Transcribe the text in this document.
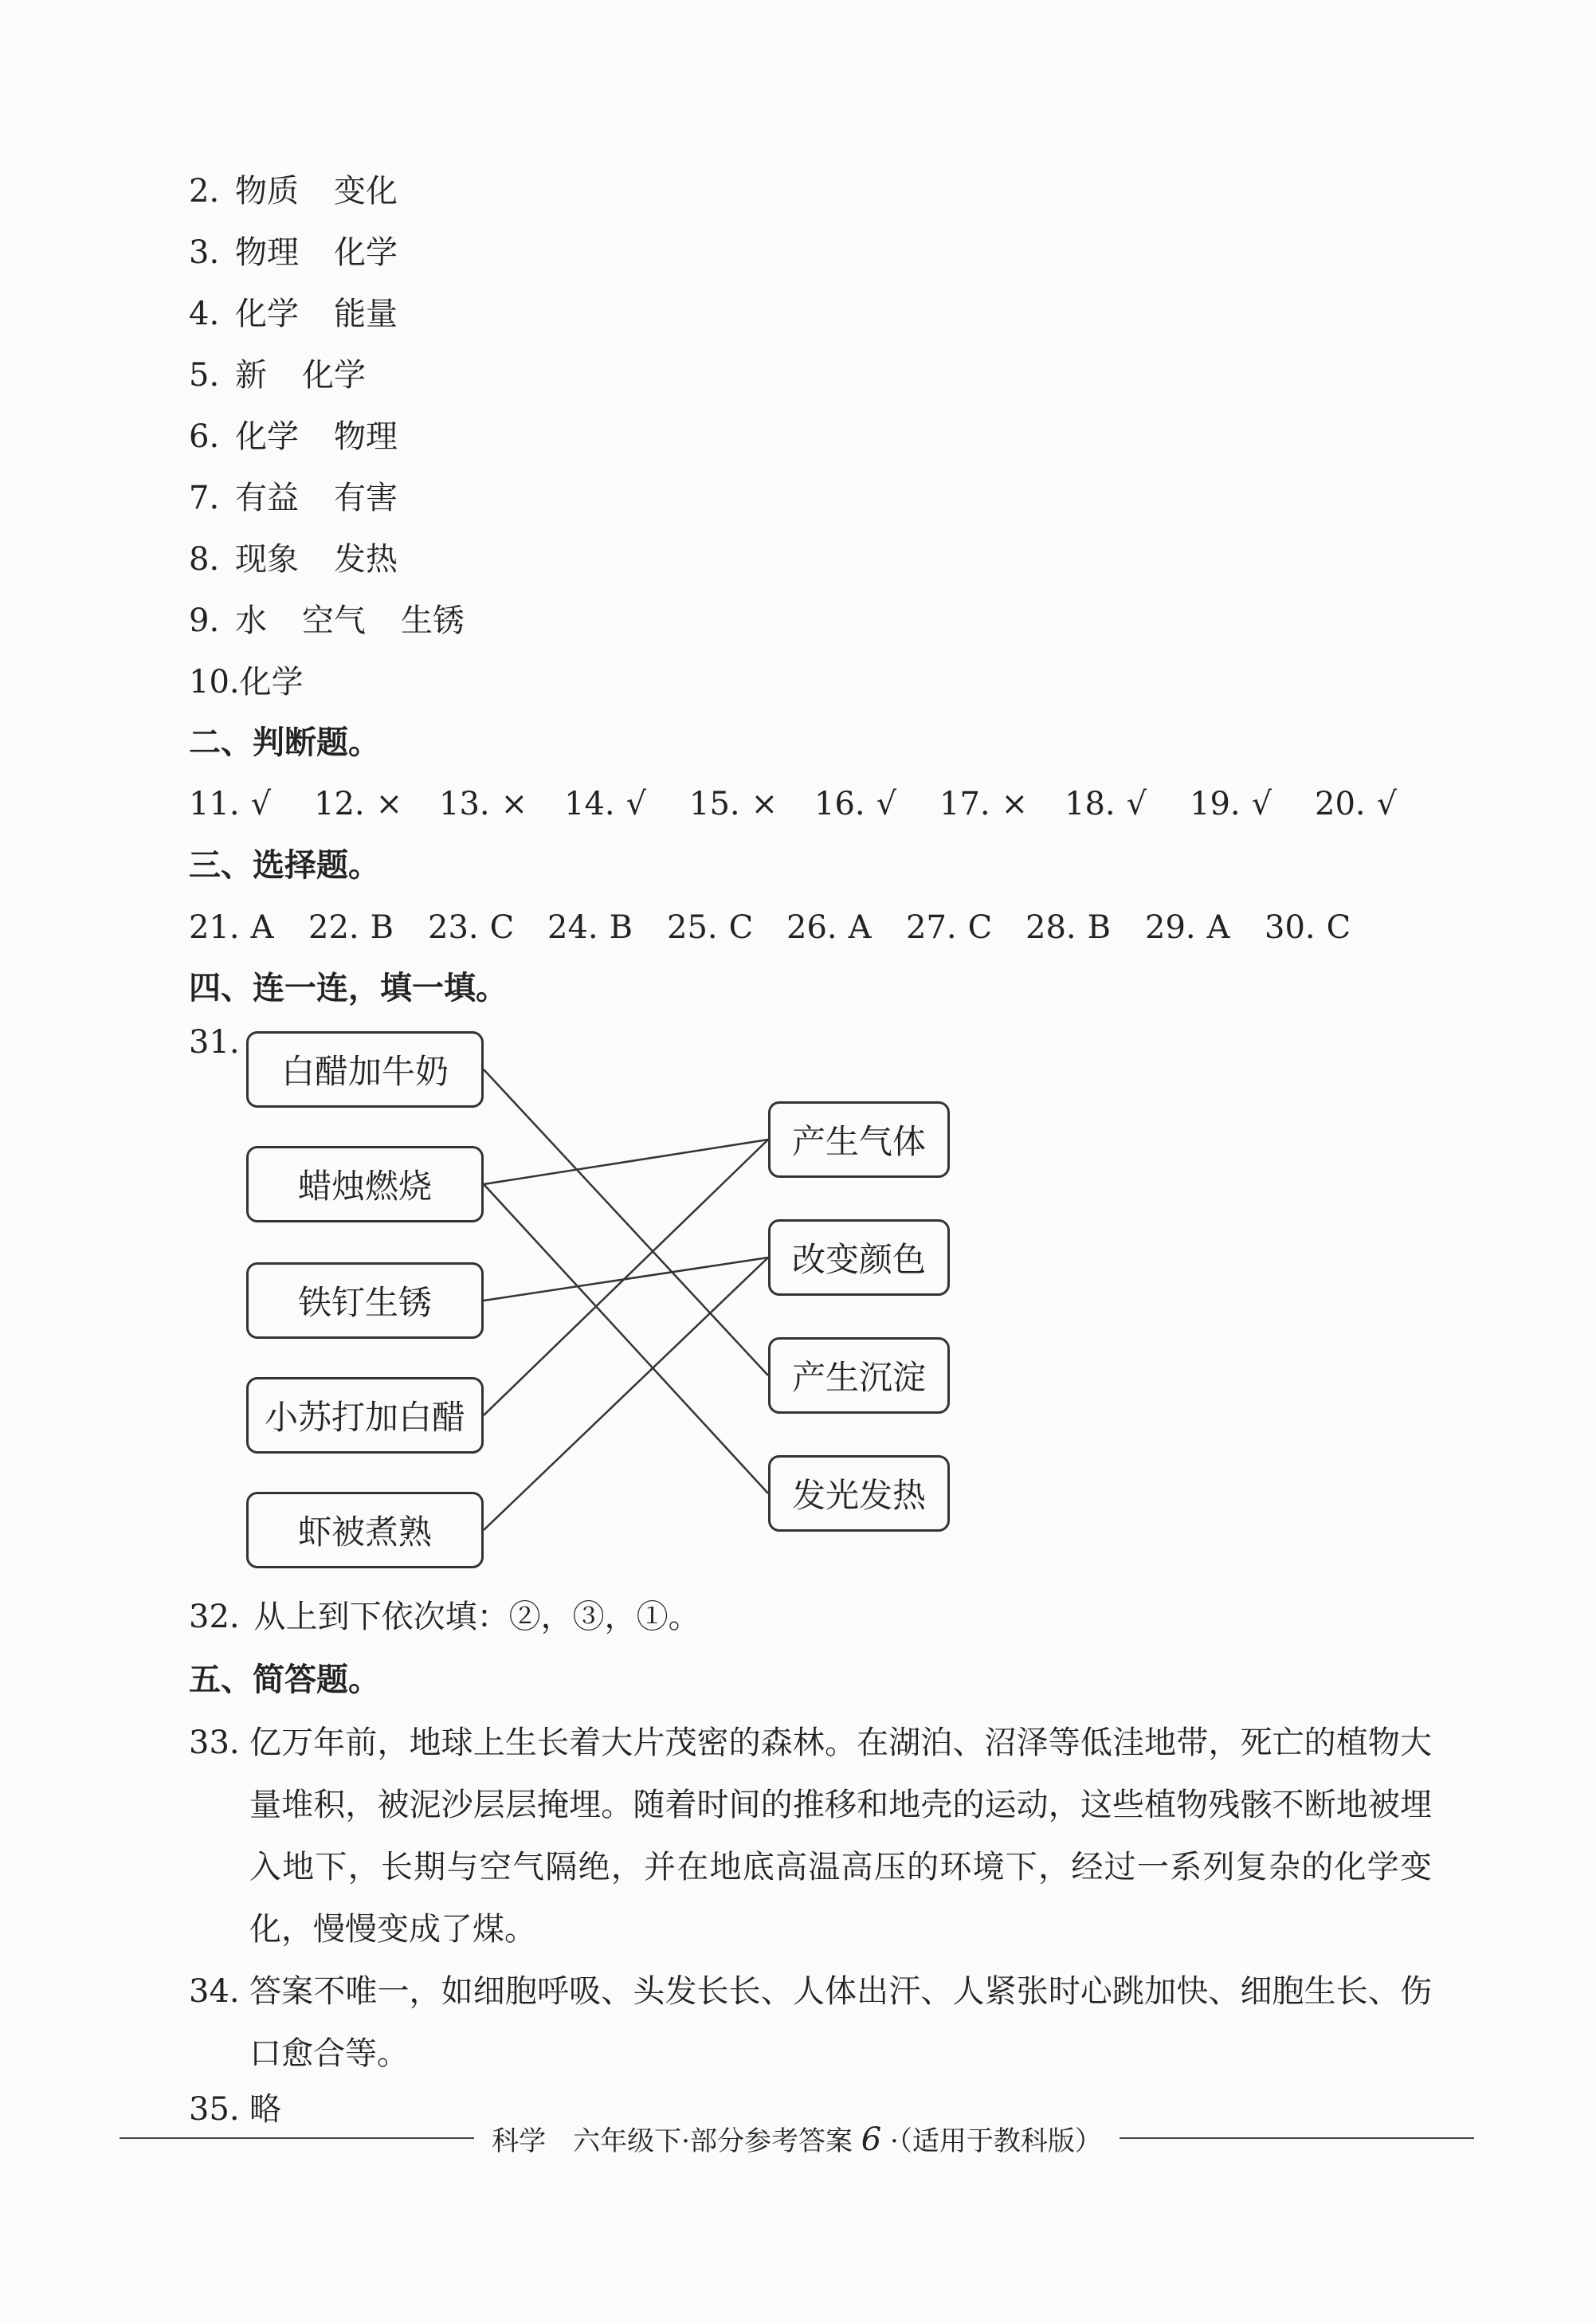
2. 物质 变化
3. 物理 化学
4. 化学 能量
5. 新 化学
6. 化学 物理
7. 有益 有害
8. 现象 发热
9. 水 空气 生锈
10.化学
二、判断题。
11. √ 12. × 13. × 14. √ 15. × 16. √ 17. × 18. √ 19. √ 20. √
三、选择题。
21. A 22. B 23. C 24. B 25. C 26. A 27. C 28. B 29. A 30. C
四、连一连，填一填。
31.
白醋加牛奶
蜡烛燃烧
铁钉生锈
小苏打加白醋
虾被煮熟
产生气体
改变颜色
产生沉淀
发光发热
32. 从上到下依次填：②，③，①。
五、简答题。
33. 亿万年前，地球上生长着大片茂密的森林。在湖泊、沼泽等低洼地带，死亡的植物大量堆积，被泥沙层层掩埋。随着时间的推移和地壳的运动，这些植物残骸不断地被埋入地下，长期与空气隔绝，并在地底高温高压的环境下，经过一系列复杂的化学变化，慢慢变成了煤。
34. 答案不唯一，如细胞呼吸、头发长长、人体出汗、人紧张时心跳加快、细胞生长、伤口愈合等。
35. 略
科学　六年级下·部分参考答案 6 ·（适用于教科版）
